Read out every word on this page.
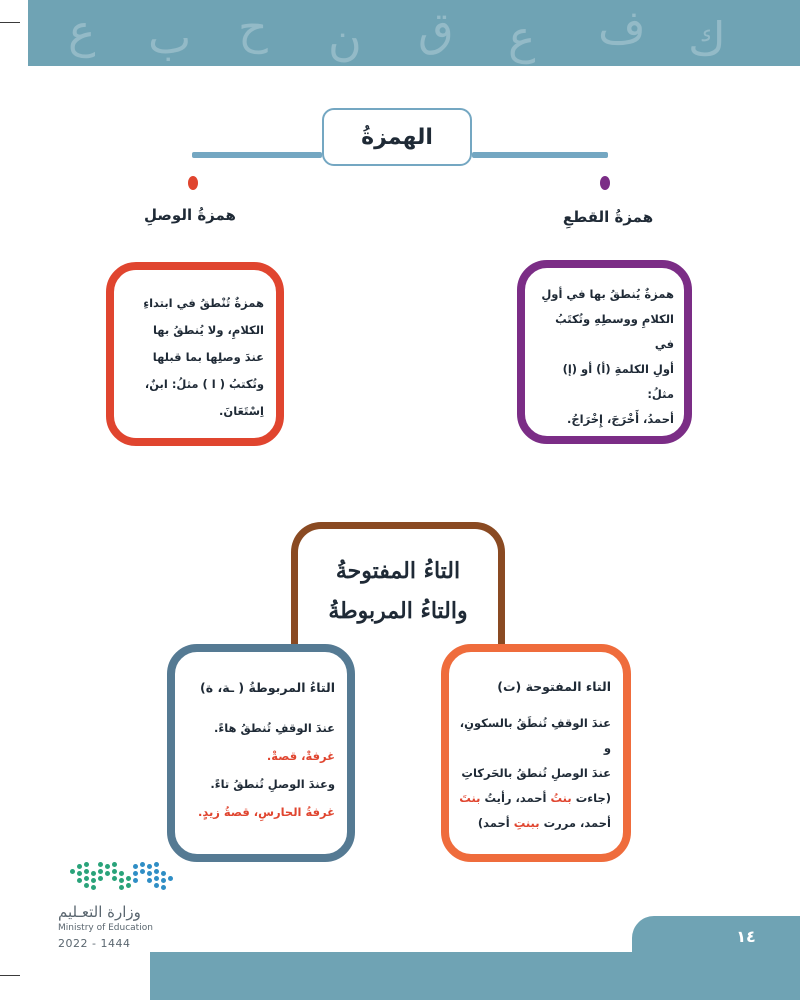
ع ب ح ن ق ع ف ك
الهمزةُ
همزةُ الوصلِ	همزةُ القطعِ

همزةٌ يُنطقُ بها في أولِ

الكلامِ ووسطِهِ وتُكتَبُ في

أولِ الكلمةِ (أ) أو (إ) مثلُ:

أحمدُ، أَخْرَجَ، إِخْرَاجُ.

همزةٌ تُنْطقُ في ابتداءِ

الكلامِ، ولا يُنطقُ بها

عندَ وصلِها بما قبلها

وتُكتبُ ( ا ) مثلُ: ابنٌ،

اِسْتَعَانَ.

التاءُ المفتوحةُ
والتاءُ المربوطةُ

التاء المفتوحة (ت)

عندَ الوقفِ تُنطَقُ بالسكونِ، و

عندَ الوصلِ تُنطقُ بالحَركاتِ

(جاءت بنتُ أحمد، رأيتُ بنتَ

أحمد، مررت ببنتِ أحمد)

التاءُ المربوطةُ ( ـة، ة)

عندَ الوقفِ تُنطقُ هاءً.

غرفةْ، قصةْ.

وعندَ الوصلِ تُنطقُ تاءً.

غرفةُ الحارسِ، قصةُ زيدٍ.

وزارة التعـليم
Ministry of Education
2022 - 1444	١٤
